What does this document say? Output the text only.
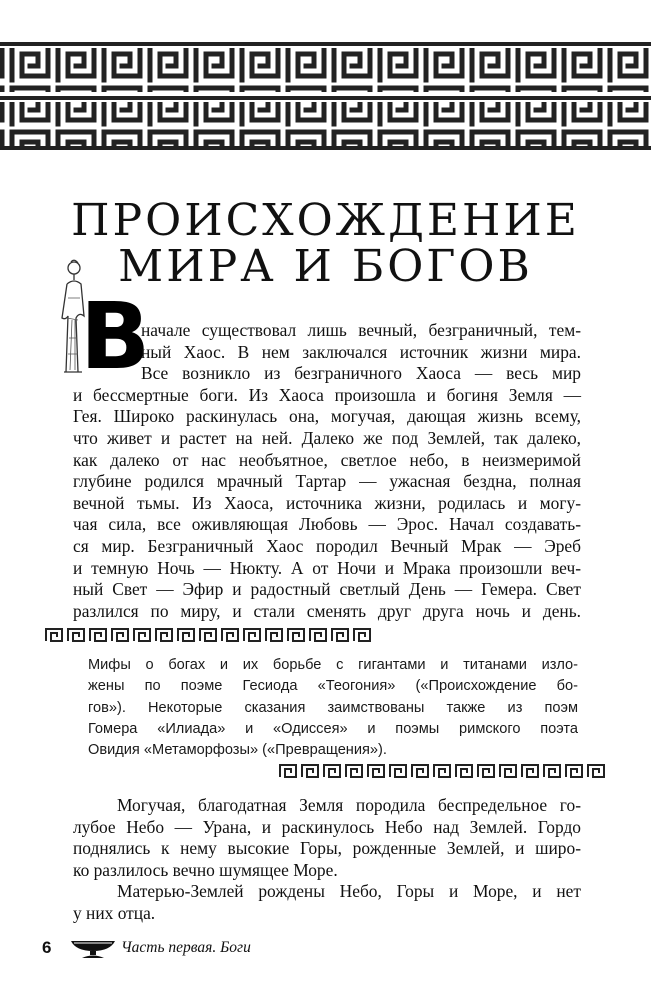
ПРОИСХОЖДЕНИЕ
МИРА И БОГОВ
В
начале существовал лишь вечный, безграничный, тем-
ный Хаос. В нем заключался источник жизни мира.
Все возникло из безграничного Хаоса — весь мир
и бессмертные боги. Из Хаоса произошла и богиня Земля —
Гея. Широко раскинулась она, могучая, дающая жизнь всему,
что живет и растет на ней. Далеко же под Землей, так далеко,
как далеко от нас необъятное, светлое небо, в неизмеримой
глубине родился мрачный Тартар — ужасная бездна, полная
вечной тьмы. Из Хаоса, источника жизни, родилась и могу-
чая сила, все оживляющая Любовь — Эрос. Начал создавать-
ся мир. Безграничный Хаос породил Вечный Мрак — Эреб
и темную Ночь — Нюкту. А от Ночи и Мрака произошли веч-
ный Свет — Эфир и радостный светлый День — Гемера. Свет
разлился по миру, и стали сменять друг друга ночь и день.
Мифы о богах и их борьбе с гигантами и титанами изло-
жены по поэме Гесиода «Теогония» («Происхождение бо-
гов»). Некоторые сказания заимствованы также из поэм
Гомера «Илиада» и «Одиссея» и поэмы римского поэта
Овидия «Метаморфозы» («Превращения»).
Могучая, благодатная Земля породила беспредельное го-
лубое Небо — Урана, и раскинулось Небо над Землей. Гордо
поднялись к нему высокие Горы, рожденные Землей, и широ-
ко разлилось вечно шумящее Море.
Матерью-Землей рождены Небо, Горы и Море, и нет
у них отца.
6	Часть первая. Боги
